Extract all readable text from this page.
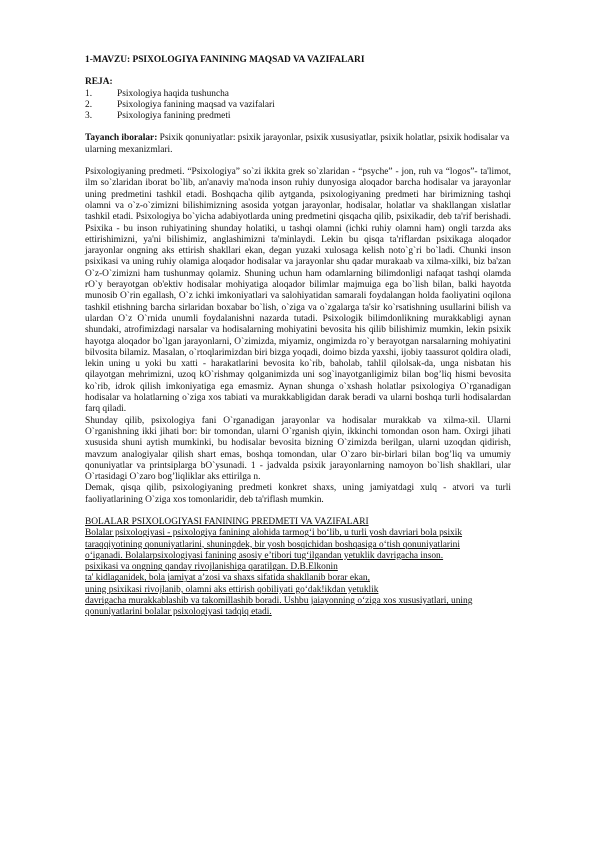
1-MAVZU: PSIXOLOGIYA FANINING MAQSAD VA VAZIFALARI
REJA:
1.	Psixologiya haqida tushuncha
2.	Psixologiya fanining maqsad va vazifalari
3.	Psixologiya fanining predmeti
Tayanch iboralar: Psixik qonuniyatlar: psixik jarayonlar, psixik xususiyatlar, psixik holatlar, psixik hodisalar va ularning mexanizmlari.
Psixologiyaning predmeti. “Psixologiya” so`zi ikkita grek so`zlaridan - “psyche” - jon, ruh va “logos”- ta'limot, ilm so`zlaridan iborat bo`lib, an'anaviy ma'noda inson ruhiy dunyosiga aloqador barcha hodisalar va jarayonlar uning predmetini tashkil etadi. Boshqacha qilib aytganda, psixologiyaning predmeti har birimizning tashqi olamni va o`z-o`zimizni bilishimizning asosida yotgan jarayonlar, hodisalar, holatlar va shakllangan xislatlar tashkil etadi. Psixologiya bo`yicha adabiyotlarda uning predmetini qisqacha qilib, psixikadir, deb ta'rif berishadi. Psixika - bu inson ruhiyatining shunday holatiki, u tashqi olamni (ichki ruhiy olamni ham) ongli tarzda aks ettirishimizni, ya'ni bilishimiz, anglashimizni ta'minlaydi. Lekin bu qisqa ta'riflardan psixikaga aloqador jarayonlar ongning aks ettirish shakllari ekan, degan yuzaki xulosaga kelish noto`g`ri bo`ladi. Chunki inson psixikasi va uning ruhiy olamiga aloqador hodisalar va jarayonlar shu qadar murakaab va xilma-xilki, biz ba'zan O`z-O`zimizni ham tushunmay qolamiz. Shuning uchun ham odamlarning bilimdonligi nafaqat tashqi olamda rO`y berayotgan ob'ektiv hodisalar mohiyatiga aloqador bilimlar majmuiga ega bo`lish bilan, balki hayotda munosib O`rin egallash, O`z ichki imkoniyatlari va salohiyatidan samarali foydalangan holda faoliyatini oqilona tashkil etishning barcha sirlaridan boxabar bo`lish, o`ziga va o`zgalarga ta'sir ko`rsatishning usullarini bilish va ulardan O`z O`rnida unumli foydalanishni nazarda tutadi. Psixologik bilimdonlikning murakkabligi aynan shundaki, atrofimizdagi narsalar va hodisalarning mohiyatini bevosita his qilib bilishimiz mumkin, lekin psixik hayotga aloqador bo`lgan jarayonlarni, O`zimizda, miyamiz, ongimizda ro`y berayotgan narsalarning mohiyatini bilvosita bilamiz. Masalan, o`rtoqlarimizdan biri bizga yoqadi, doimo bizda yaxshi, ijobiy taassurot qoldira oladi, lekin uning u yoki bu xatti - harakatlarini bevosita ko`rib, baholab, tahlil qilolsak-da, unga nisbatan his qilayotgan mehrimizni, uzoq kO`rishmay qolganimizda uni sog`inayotganligimiz bilan bog’liq hismi bevosita ko`rib, idrok qilish imkoniyatiga ega emasmiz. Aynan shunga o`xshash holatlar psixologiya O`rganadigan hodisalar va holatlarning o`ziga xos tabiati va murakkabligidan darak beradi va ularni boshqa turli hodisalardan farq qiladi.
Shunday qilib, psixologiya fani O`rganadigan jarayonlar va hodisalar murakkab va xilma-xil. Ularni O`rganishning ikki jihati bor: bir tomondan, ularni O`rganish qiyin, ikkinchi tomondan oson ham. Oxirgi jihati xususida shuni aytish mumkinki, bu hodisalar bevosita bizning O`zimizda berilgan, ularni uzoqdan qidirish, mavzum analogiyalar qilish shart emas, boshqa tomondan, ular O`zaro bir-birlari bilan bog’liq va umumiy qonuniyatlar va printsiplarga bO`ysunadi. 1 - jadvalda psixik jarayonlarning namoyon bo`lish shakllari, ular O`rtasidagi O`zaro bog’liqliklar aks ettirilga n.
Demak, qisqa qilib, psixologiyaning predmeti konkret shaxs, uning jamiyatdagi xulq - atvori va turli faoliyatlarining O`ziga xos tomonlaridir, deb ta'riflash mumkin.
BOLALAR PSIXOLOGIYASI FANINING PREDMETI VA VAZIFALARI
Bolalar psixologiyasi - psixologiya fanining alohida tarmog‘i bo‘lib, u turli yosh davriari bola psixik
taraqqiyotining qonuniyatlarini, shuningdek, bir yosh bosqichidan boshqasiga o‘tish qonuniyatlarini
o‘iganadi. Bolalarpsixologiyasi fanining asosiy e’tibori tug‘ilgandan yetuklik davrigacha inson.
psixikasi va ongning qanday rivojlanishiga qaratilgan. D.B.Elkonin
ta' kidlaganidek, bola jamiyat a’zosi va shaxs sifatida shakllanib borar ekan,
uning psixikasi rivojlanib, olamni aks ettirish qobiliyati go‘dak!ikdan yetuklik
davrigacha murakkablashib va takomillashib boradi. Ushbu jaiayonning o‘ziga xos xususiyatlari, uning
qonuniyatlarini bolalar psixologiyasi tadqiq etadi.
